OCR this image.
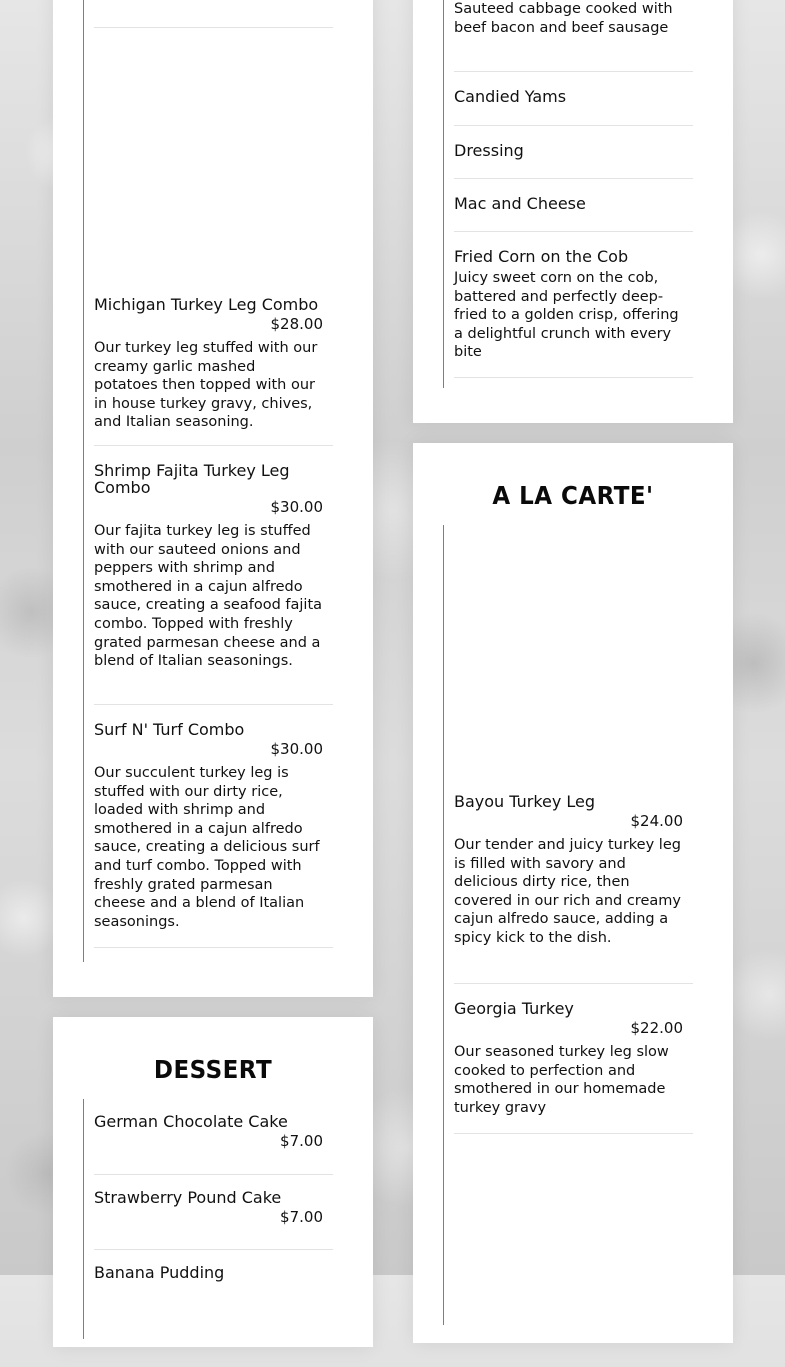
Michigan Turkey Leg Combo
$28.00
Our turkey leg stuffed with our creamy garlic mashed potatoes then topped with our in house turkey gravy, chives, and Italian seasoning.
Shrimp Fajita Turkey Leg Combo
$30.00
Our fajita turkey leg is stuffed with our sauteed onions and peppers with shrimp and smothered in a cajun alfredo sauce, creating a seafood fajita combo. Topped with freshly grated parmesan cheese and a blend of Italian seasonings.
Surf N' Turf Combo
$30.00
Our succulent turkey leg is stuffed with our dirty rice, loaded with shrimp and smothered in a cajun alfredo sauce, creating a delicious surf and turf combo. Topped with freshly grated parmesan cheese and a blend of Italian seasonings.
DESSERT
German Chocolate Cake
$7.00
Strawberry Pound Cake
$7.00
Banana Pudding
Sauteed cabbage cooked with beef bacon and beef sausage
Candied Yams
Dressing
Mac and Cheese
Fried Corn on the Cob
Juicy sweet corn on the cob, battered and perfectly deep-fried to a golden crisp, offering a delightful crunch with every bite
A LA CARTE'
Bayou Turkey Leg
$24.00
Our tender and juicy turkey leg is filled with savory and delicious dirty rice, then covered in our rich and creamy cajun alfredo sauce, adding a spicy kick to the dish.
Georgia Turkey
$22.00
Our seasoned turkey leg slow cooked to perfection and smothered in our homemade turkey gravy
